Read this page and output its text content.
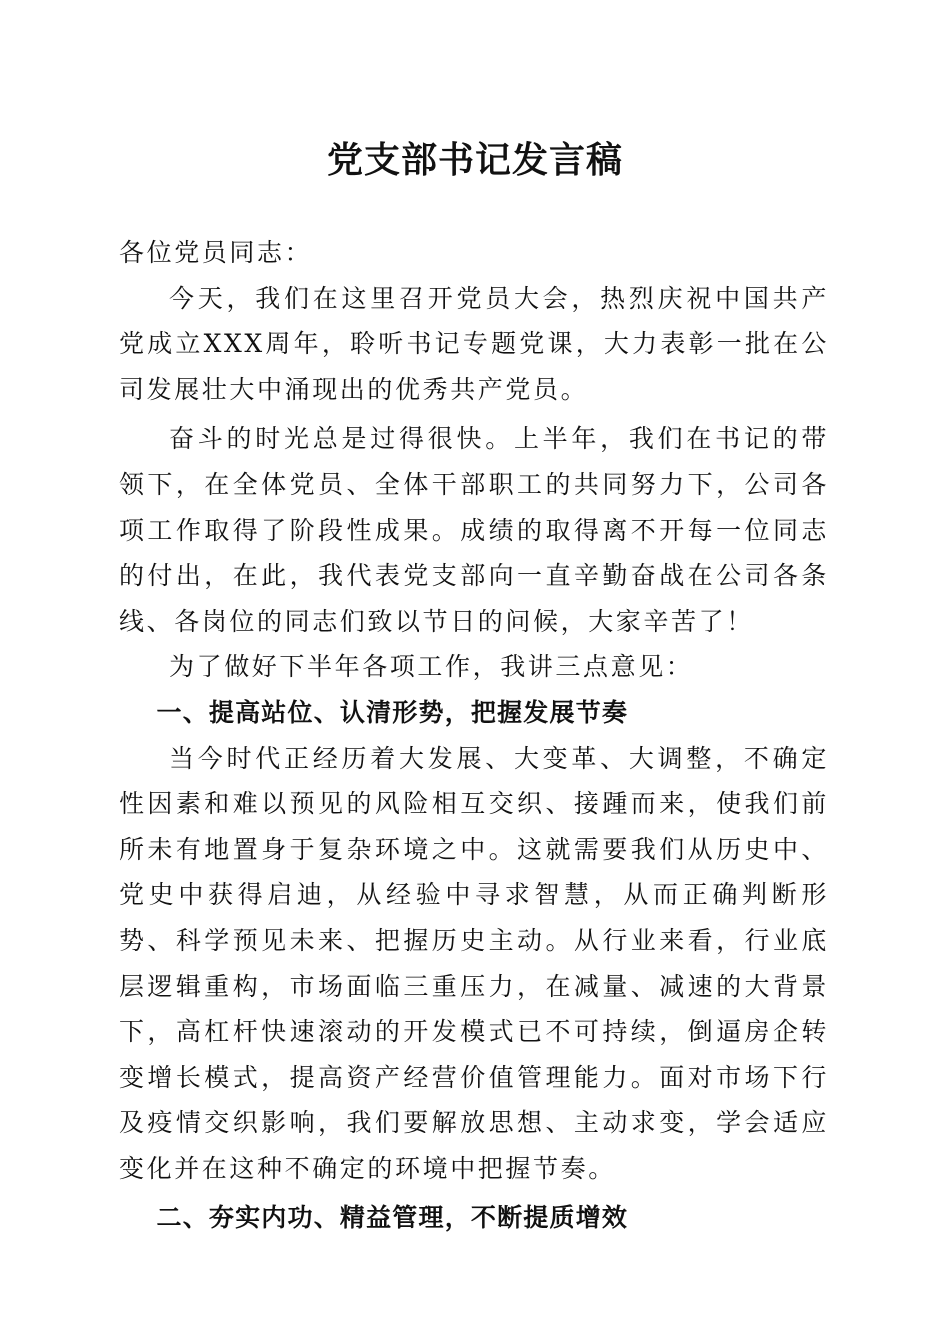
党支部书记发言稿

各位党员同志：

今天，我们在这里召开党员大会，热烈庆祝中国共产党成立XXX周年，聆听书记专题党课，大力表彰一批在公司发展壮大中涌现出的优秀共产党员。

奋斗的时光总是过得很快。上半年，我们在书记的带领下，在全体党员、全体干部职工的共同努力下，公司各项工作取得了阶段性成果。成绩的取得离不开每一位同志的付出，在此，我代表党支部向一直辛勤奋战在公司各条线、各岗位的同志们致以节日的问候，大家辛苦了！

为了做好下半年各项工作，我讲三点意见：

一、提高站位、认清形势，把握发展节奏

当今时代正经历着大发展、大变革、大调整，不确定性因素和难以预见的风险相互交织、接踵而来，使我们前所未有地置身于复杂环境之中。这就需要我们从历史中、党史中获得启迪，从经验中寻求智慧，从而正确判断形势、科学预见未来、把握历史主动。从行业来看，行业底层逻辑重构，市场面临三重压力，在减量、减速的大背景下，高杠杆快速滚动的开发模式已不可持续，倒逼房企转变增长模式，提高资产经营价值管理能力。面对市场下行及疫情交织影响，我们要解放思想、主动求变，学会适应变化并在这种不确定的环境中把握节奏。

二、夯实内功、精益管理，不断提质增效
